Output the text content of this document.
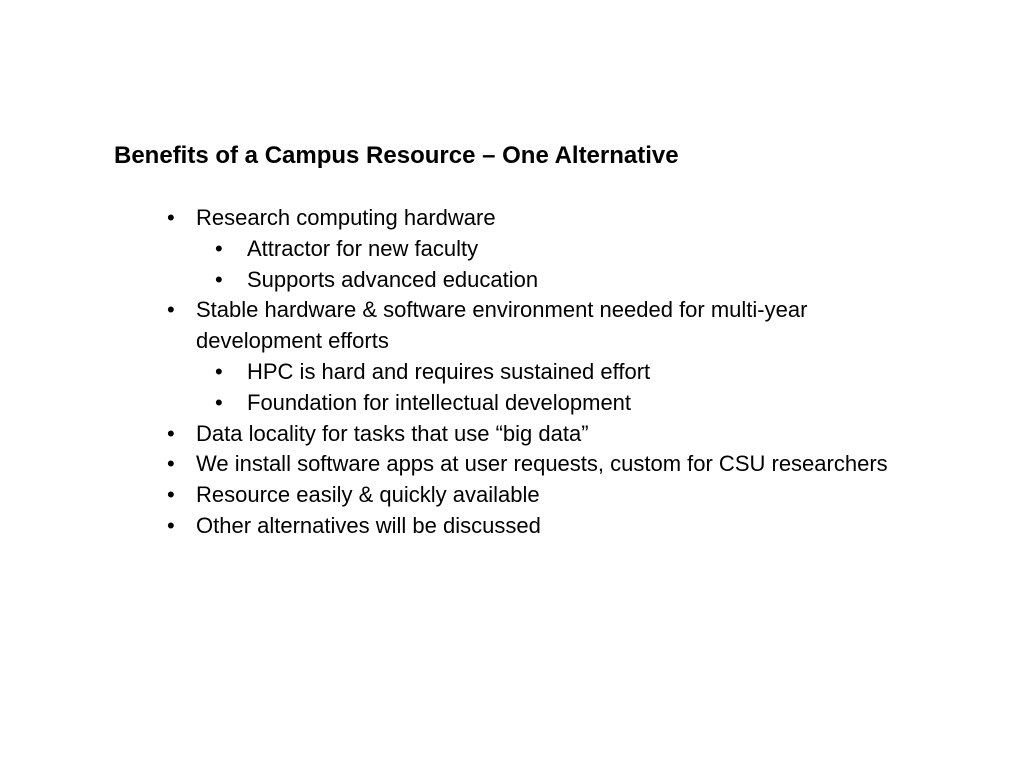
Benefits of a Campus Resource – One Alternative
• Research computing hardware
• Attractor for new faculty
• Supports advanced education
• Stable hardware & software environment needed for multi-year development efforts
• HPC is hard and requires sustained effort
• Foundation for intellectual development
• Data locality for tasks that use “big data”
• We install software apps at user requests, custom for CSU researchers
• Resource easily & quickly available
• Other alternatives will be discussed
